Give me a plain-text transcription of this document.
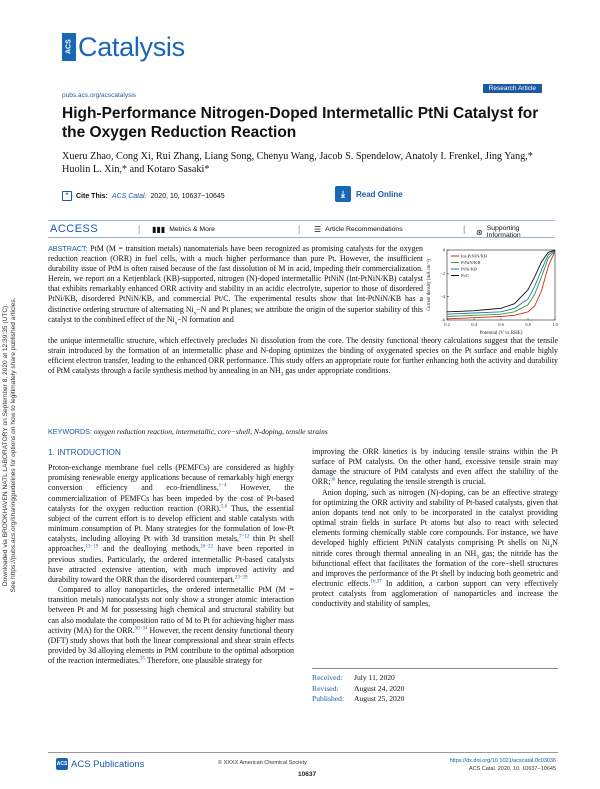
Downloaded via BROOKHAVEN NATL LABORATORY on September 8, 2020 at 12:39:35 (UTC). See https://pubs.acs.org/sharingguidelines for options on how to legitimately share published articles.
ACS Catalysis
pubs.acs.org/acscatalysis
Research Article
High-Performance Nitrogen-Doped Intermetallic PtNi Catalyst for the Oxygen Reduction Reaction
Xueru Zhao, Cong Xi, Rui Zhang, Liang Song, Chenyu Wang, Jacob S. Spendelow, Anatoly I. Frenkel, Jing Yang,* Huolin L. Xin,* and Kotaro Sasaki*
❝	Cite This: ACS Catal. 2020, 10, 10637−10645	⤓	Read Online
ACCESS	| ▮▮▮ Metrics & More	| ☰ Article Recommendations	| ⊛ Supporting Information
ABSTRACT: PtM (M = transition metals) nanomaterials have been recognized as promising catalysts for the oxygen reduction reaction (ORR) in fuel cells, with a much higher performance than pure Pt. However, the insufficient durability issue of PtM is often raised because of the fast dissolution of M in acid, impeding their commercialization. Herein, we report on a Ketjenblack (KB)-supported, nitrogen (N)-doped intermetallic PtNiN (Int-PtNiN/KB) catalyst that exhibits remarkably enhanced ORR activity and stability in an acidic electrolyte, superior to those of disordered PtNi/KB, disordered PtNiN/KB, and commercial Pt/C. The experimental results show that Int-PtNiN/KB has a distinctive ordering structure of alternating $Ni_x-N$ and Pt planes; we attribute the origin of the superior stability of this catalyst to the combined effect of the $Ni_x-N$ formation and
the unique intermetallic structure, which effectively precludes Ni dissolution from the core. The density functional theory calculations suggest that the tensile strain introduced by the formation of an intermetallic phase and N-doping optimizes the binding of oxygenated species on the Pt surface and enable highly efficient electron transfer, leading to the enhanced ORR performance. This study offers an appropriate route for further enhancing both the activity and durability of PtM catalysts through a facile synthesis method by annealing in an $NH_3$ gas under appropriate conditions.
0.2	0.4	0.6	0.8	1.0
-6
-4
-2
0
Potential (V vs RHE)
Current density (mA cm⁻²)
Int-PtNiN/KB
PtNiN/KB
PtNi/KB
Pt/C
KEYWORDS: oxygen reduction reaction, intermetallic, core−shell, N-doping, tensile strains
1. INTRODUCTION

Proton-exchange membrane fuel cells (PEMFCs) are considered as highly promising renewable energy applications because of remarkably high energy conversion efficiency and eco-friendliness.$^{1-4}$ However, the commercialization of PEMFCs has been impeded by the cost of Pt-based catalysts for the oxygen reduction reaction (ORR).$^{5,6}$ Thus, the essential subject of the current effort is to develop efficient and stable catalysts with minimum consumption of Pt. Many strategies for the formulation of low-Pt catalysts, including alloying Pt with 3d transition metals,$^{7-12}$ thin Pt shell approaches,$^{13-19}$ and the dealloying methods,$^{20-22}$ have been reported in previous studies. Particularly, the ordered intermetallic Pt-based catalysts have attracted extensive attention, with much improved activity and durability toward the ORR than the disordered counterpart.$^{23-29}$

Compared to alloy nanoparticles, the ordered intermetallic PtM (M = transition metals) nanocatalysts not only show a stronger atomic interaction between Pt and M for possessing high chemical and structural stability but can also modulate the composition ratio of M to Pt for achieving higher mass activity (MA) for the ORR.$^{30-34}$ However, the recent density functional theory (DFT) study shows that both the linear compressional and shear strain effects provided by 3d alloying elements in PtM contribute to the optimal adsorption of the reaction intermediates.$^{35}$ Therefore, one plausible strategy for

improving the ORR kinetics is by inducing tensile strains within the Pt surface of PtM catalysts. On the other hand, excessive tensile strain may damage the structure of PtM catalysts and even affect the stability of the ORR;$^{36}$ hence, regulating the tensile strength is crucial.

Anion doping, such as nitrogen (N)-doping, can be an effective strategy for optimizing the ORR activity and stability of Pt-based catalysts, given that anion dopants tend not only to be incorporated in the catalyst providing optimal strain fields in surface Pt atoms but also to react with selected elements forming chemically stable core compounds. For instance, we have developed highly efficient PtNiN catalysts comprising Pt shells on $Ni_4N$ nitride cores through thermal annealing in an $NH_3$ gas; the nitride has the bifunctional effect that facilitates the formation of the core−shell structures and improves the performance of the Pt shell by inducing both geometric and electronic effects.$^{16,37}$ In addition, a carbon support can very effectively protect catalysts from agglomeration of nanoparticles and increase the conductivity and stability of samples,

Received: July 11, 2020
Revised: August 24, 2020
Published: August 25, 2020
ACS ACS Publications	© XXXX American Chemical Society
10637
https://dx.doi.org/10.1021/acscatal.0c03036
ACS Catal. 2020, 10, 10637−10645
